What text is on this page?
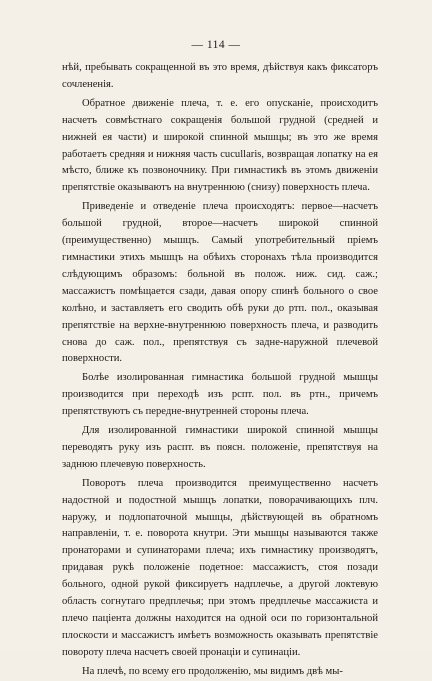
— 114 —

нѣй, пребывать сокращенной въ это время, дѣйствуя какъ фиксаторъ сочлененія.

Обратное движеніе плеча, т. е. его опусканіе, происходитъ насчетъ совмѣстнаго сокращенія большой грудной (средней и нижней ея части) и широкой спинной мышцы; въ это же время работаетъ средняя и нижняя часть cucullaris, возвращая лопатку на ея мѣсто, ближе къ позвоночнику. При гимнастикѣ въ этомъ движеніи препятствіе оказываютъ на внутреннюю (снизу) поверхность плеча.

Приведеніе и отведеніе плеча происходятъ: первое—насчетъ большой грудной, второе—насчетъ широкой спинной (преимущественно) мышцъ. Самый употребительный пріемъ гимнастики этихъ мышцъ на обѣихъ сторонахъ тѣла производится слѣдующимъ образомъ: больной въ полож. ниж. сид. саж.; массажистъ помѣщается сзади, давая опору спинѣ больного о свое колѣно, и заставляетъ его сводить обѣ руки до ртп. пол., оказывая препятствіе на верхне-внутреннюю поверхность плеча, и разводить снова до саж. пол., препятствуя съ задне-наружной плечевой поверхности.

Болѣе изолированная гимнастика большой грудной мышцы производится при переходѣ изъ рспт. пол. въ ртн., причемъ препятствуютъ съ передне-внутренней стороны плеча.

Для изолированной гимнастики широкой спинной мышцы переводятъ руку изъ распт. въ поясн. положеніе, препятствуя на заднюю плечевую поверхность.

Поворотъ плеча производится преимущественно насчетъ надостной и подостной мышцъ лопатки, поворачивающихъ плч. наружу, и подлопаточной мышцы, дѣйствующей въ обратномъ направленіи, т. е. поворота кнутри. Эти мышцы называются также пронаторами и супинаторами плеча; ихъ гимнастику производятъ, придавая рукѣ положеніе подетное: массажистъ, стоя позади больного, одной рукой фиксируетъ надплечье, а другой локтевую область согнутаго предплечья; при этомъ предплечье массажиста и плечо паціента должны находится на одной оси по горизонтальной плоскости и массажистъ имѣетъ возможность оказывать препятствіе повороту плеча насчетъ своей пронаціи и супинаціи.

На плечѣ, по всему его продолженію, мы видимъ двѣ мы-
